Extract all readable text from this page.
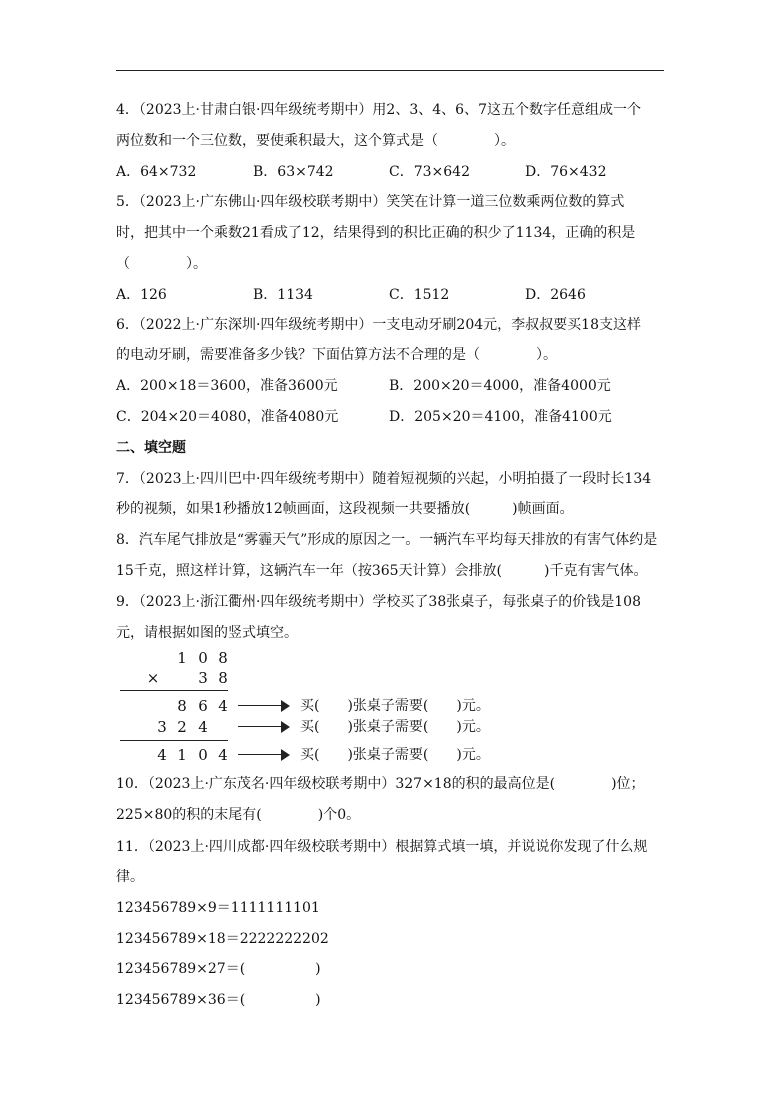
4．（2023上·甘肃白银·四年级统考期中）用2、3、4、6、7这五个数字任意组成一个
两位数和一个三位数，要使乘积最大，这个算式是（　　　　）。
A．64×732	B．63×742	C．73×642	D．76×432
5．（2023上·广东佛山·四年级校联考期中）笑笑在计算一道三位数乘两位数的算式
时，把其中一个乘数21看成了12，结果得到的积比正确的积少了1134，正确的积是
（　　　　）。
A．126	B．1134	C．1512	D．2646
6．（2022上·广东深圳·四年级统考期中）一支电动牙刷204元，李叔叔要买18支这样
的电动牙刷，需要准备多少钱？下面估算方法不合理的是（　　　　）。
A．200×18＝3600，准备3600元	B．200×20＝4000，准备4000元
C．204×20＝4080，准备4080元	D．205×20＝4100，准备4100元
二、填空题
7．（2023上·四川巴中·四年级统考期中）随着短视频的兴起，小明拍摄了一段时长134
秒的视频，如果1秒播放12帧画面，这段视频一共要播放(　　　)帧画面。
8．汽车尾气排放是“雾霾天气”形成的原因之一。一辆汽车平均每天排放的有害气体约是
15千克，照这样计算，这辆汽车一年（按365天计算）会排放(　　　)千克有害气体。
9．（2023上·浙江衢州·四年级统考期中）学校买了38张桌子，每张桌子的价钱是108
元，请根据如图的竖式填空。
1 0 8
×	3 8
8 6 4
3 2 4
4 1 0 4
买(　　)张桌子需要(　　)元。
买(　　)张桌子需要(　　)元。
买(　　)张桌子需要(　　)元。
10．（2023上·广东茂名·四年级校联考期中）327×18的积的最高位是(　　　　)位；
225×80的积的末尾有(　　　　)个0。
11．（2023上·四川成都·四年级校联考期中）根据算式填一填，并说说你发现了什么规
律。
123456789×9＝1111111101
123456789×18＝2222222202
123456789×27＝(　　　　　)
123456789×36＝(　　　　　)
